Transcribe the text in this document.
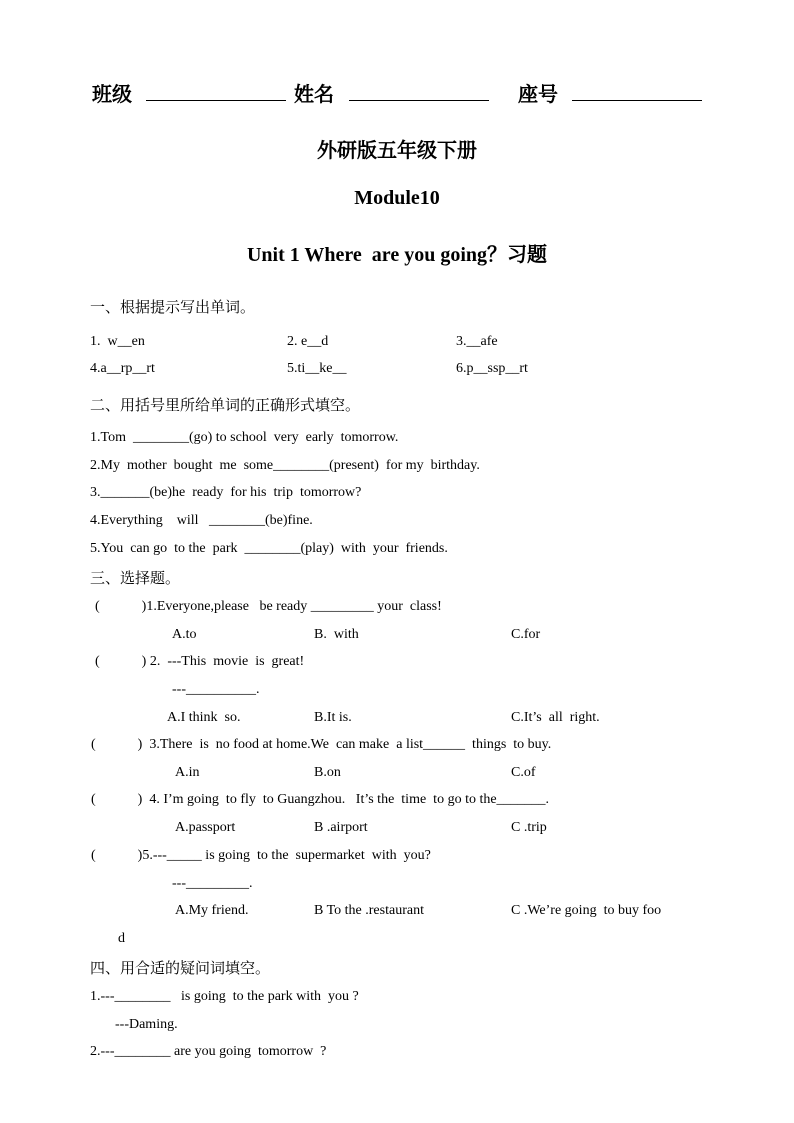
班级	姓名	座号
外研版五年级下册
Module10
Unit 1 Where  are you going？习题
一、根据提示写出单词。
1.  w__en	2. e__d	3.__afe
4.a__rp__rt	5.ti__ke__	6.p__ssp__rt
二、用括号里所给单词的正确形式填空。
1.Tom  ________(go) to school  very  early  tomorrow.
2.My  mother  bought  me  some________(present)  for my  birthday.
3._______(be)he  ready  for his  trip  tomorrow?
4.Everything    will   ________(be)fine.
5.You  can go  to the  park  ________(play)  with  your  friends.
三、选择题。
(            )1.Everyone,please   be ready _________ your  class!
A.to	B.  with	C.for
(            ) 2.  ---This  movie  is  great!
---__________.
A.I think  so.	B.It is.	C.It’s  all  right.
(            )  3.There  is  no food at home.We  can make  a list______  things  to buy.
A.in	B.on	C.of
(            )  4. I’m going  to fly  to Guangzhou.   It’s the  time  to go to the_______.
A.passport	B .airport	C .trip
(            )5.---_____ is going  to the  supermarket  with  you?
---_________.
A.My friend.	B To the .restaurant	C .We’re going  to buy foo
d
四、用合适的疑问词填空。
1.---________   is going  to the park with  you ?
---Daming.
2.---________ are you going  tomorrow  ?
